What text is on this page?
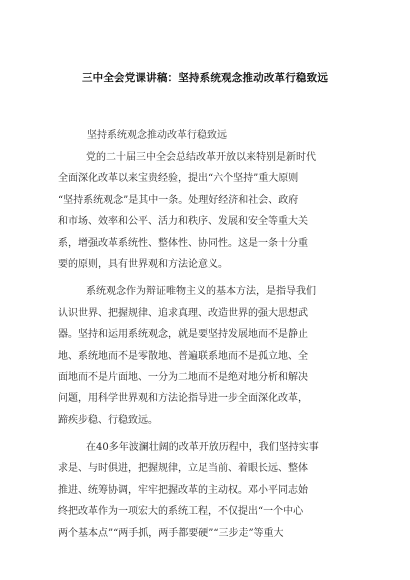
三中全会党课讲稿：坚持系统观念推动改革行稳致远
坚持系统观念推动改革行稳致远
党的二十届三中全会总结改革开放以来特别是新时代
全面深化改革以来宝贵经验，提出“六个坚持”重大原则
“坚持系统观念”是其中一条。处理好经济和社会、政府
和市场、效率和公平、活力和秩序、发展和安全等重大关
系，增强改革系统性、整体性、协同性。这是一条十分重
要的原则，具有世界观和方法论意义。
系统观念作为辩证唯物主义的基本方法，是指导我们
认识世界、把握规律、追求真理、改造世界的强大思想武
器。坚持和运用系统观念，就是要坚持发展地而不是静止
地、系统地而不是零散地、普遍联系地而不是孤立地、全
面地而不是片面地、一分为二地而不是绝对地分析和解决
问题，用科学世界观和方法论指导进一步全面深化改革，
蹄疾步稳、行稳致远。
在40多年波澜壮阔的改革开放历程中，我们坚持实事
求是、与时俱进，把握规律，立足当前、着眼长远、整体
推进、统筹协调，牢牢把握改革的主动权。邓小平同志始
终把改革作为一项宏大的系统工程，不仅提出“一个中心
两个基本点”“两手抓，两手都要硬”“三步走”等重大
